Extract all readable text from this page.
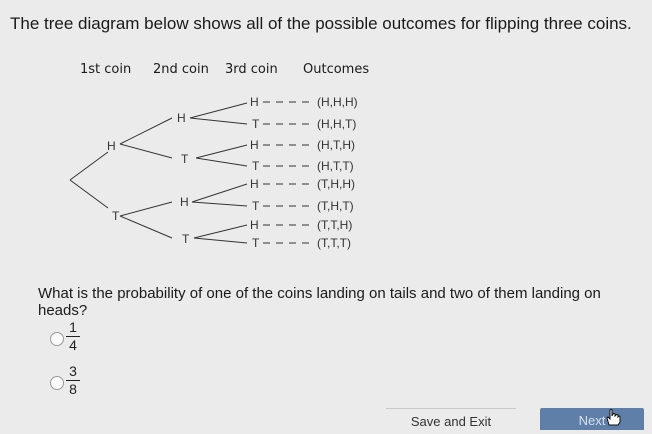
The tree diagram below shows all of the possible outcomes for flipping three coins.
1st coin 2nd coin 3rd coin Outcomes
H
T
H
T
H
T
H
T
H
T
H
T
H
T
(H,H,H)
(H,H,T)
(H,T,H)
(H,T,T)
(T,H,H)
(T,H,T)
(T,T,H)
(T,T,T)
What is the probability of one of the coins landing on tails and two of them landing on heads?
$\frac{1}{4}$
$\frac{3}{8}$
Save and Exit	Next
